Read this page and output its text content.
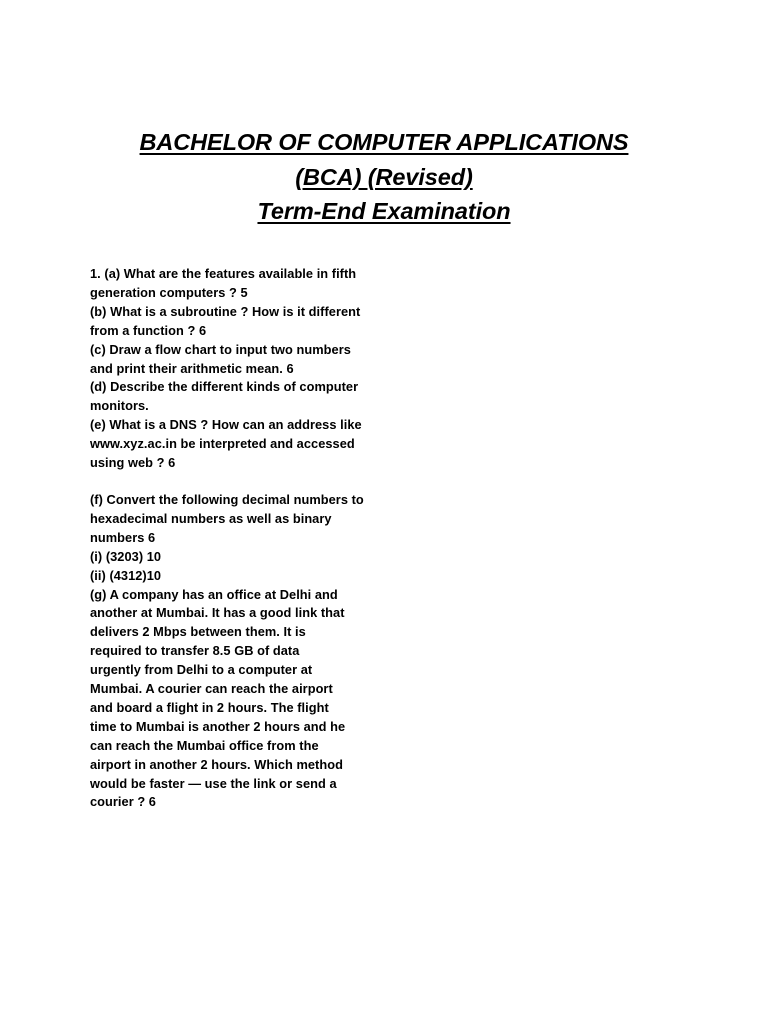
BACHELOR OF COMPUTER APPLICATIONS
(BCA) (Revised)
Term-End Examination
1. (a) What are the features available in fifth
generation computers ? 5
(b) What is a subroutine ? How is it different
from a function ? 6
(c) Draw a flow chart to input two numbers
and print their arithmetic mean. 6
(d) Describe the different kinds of computer
monitors.
(e) What is a DNS ? How can an address like
www.xyz.ac.in be interpreted and accessed
using web ? 6
(f) Convert the following decimal numbers to
hexadecimal numbers as well as binary
numbers 6
(i) (3203) 10
(ii) (4312)10
(g) A company has an office at Delhi and
another at Mumbai. It has a good link that
delivers 2 Mbps between them. It is
required to transfer 8.5 GB of data
urgently from Delhi to a computer at
Mumbai. A courier can reach the airport
and board a flight in 2 hours. The flight
time to Mumbai is another 2 hours and he
can reach the Mumbai office from the
airport in another 2 hours. Which method
would be faster — use the link or send a
courier ? 6
